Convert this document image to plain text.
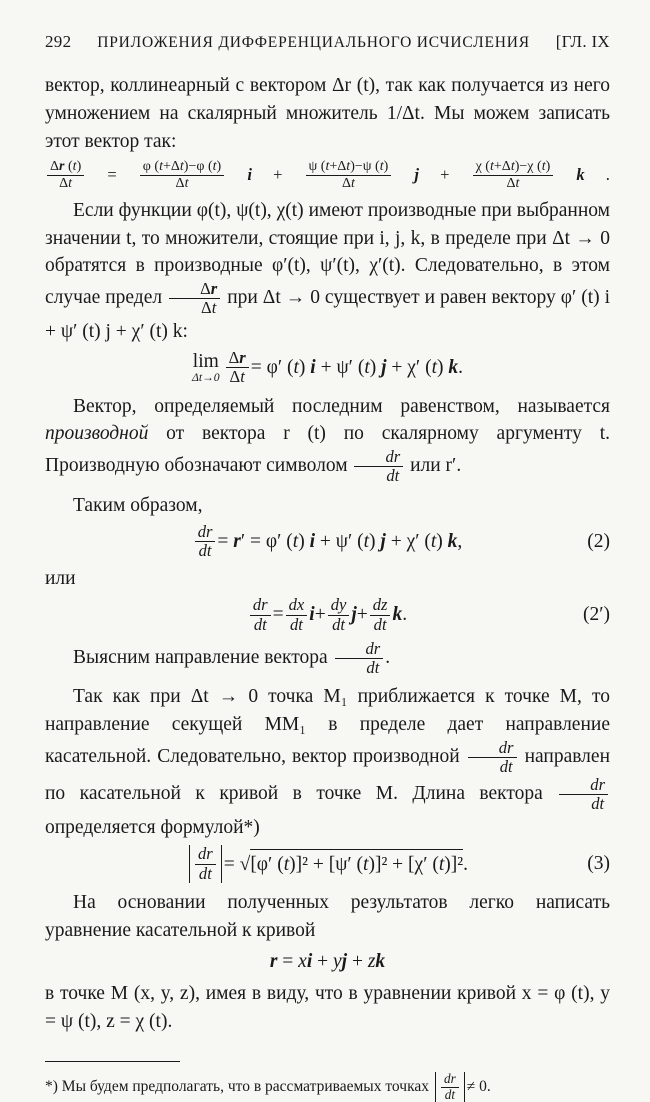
292 ПРИЛОЖЕНИЯ ДИФФЕРЕНЦИАЛЬНОГО ИСЧИСЛЕНИЯ [ГЛ. IX

вектор, коллинеарный с вектором Δr (t), так как получается из него умножением на скалярный множитель 1/Δt. Мы можем записать этот вектор так:

$\frac{\Delta r (t)}{\Delta t} = \frac{\varphi (t+\Delta t)-\varphi (t)}{\Delta t}$ $i + \frac{\psi (t+\Delta t)-\psi (t)}{\Delta t}$ $j + \frac{\chi (t+\Delta t)-\chi (t)}{\Delta t}$ k .

Если функции φ(t), ψ(t), χ(t) имеют производные при выбранном значении t, то множители, стоящие при i, j, k, в пределе при Δt → 0 обратятся в производные φ′(t), ψ′(t), χ′(t). Следовательно, в этом случае предел $\frac{\Delta r}{\Delta t}$ при Δt → 0 существует и равен вектору φ′ (t) i + ψ′ (t) j + χ′ (t) k:

lim
$\Delta t\to 0 \frac{\Delta r}{\Delta t} = \varphi'$ (t) i + ψ′ (t) j + χ′ (t) k.

Вектор, определяемый последним равенством, называется производной от вектора r (t) по скалярному аргументу t. Производную обозначают символом $\frac{dr}{dt}$ или r′.

Таким образом,

$\frac{dr}{dt} = r' = \varphi'$ (t) i + ψ′ (t) j + χ′ (t) k,	(2)

или

$\frac{dr}{dt} = \frac{dx}{dt}$ $i + \frac{dy}{dt}$ $j + \frac{dz}{dt}$ k .	(2′)

Выясним направление вектора $\frac{dr}{dt}$ .

Так как при Δt → 0 точка M₁ приближается к точке M, то направление секущей MM₁ в пределе дает направление касательной. Следовательно, вектор производной $\frac{dr}{dt}$ направлен по касательной к кривой в точке M. Длина вектора $\frac{dr}{dt}$
определяется формулой*)

$\frac{dr}{dt} = √[\varphi'$ (t)]² + [ψ′ (t)]² + [χ′ (t)]².	(3)

На основании полученных результатов легко написать уравнение касательной к кривой

r = xi + yj + zk

в точке M (x, y, z), имея в виду, что в уравнении кривой x = φ (t), y = ψ (t), z = χ (t).

*) Мы будем предполагать, что в рассматриваемых точках $\frac{dr}{dt} \ne 0$.
